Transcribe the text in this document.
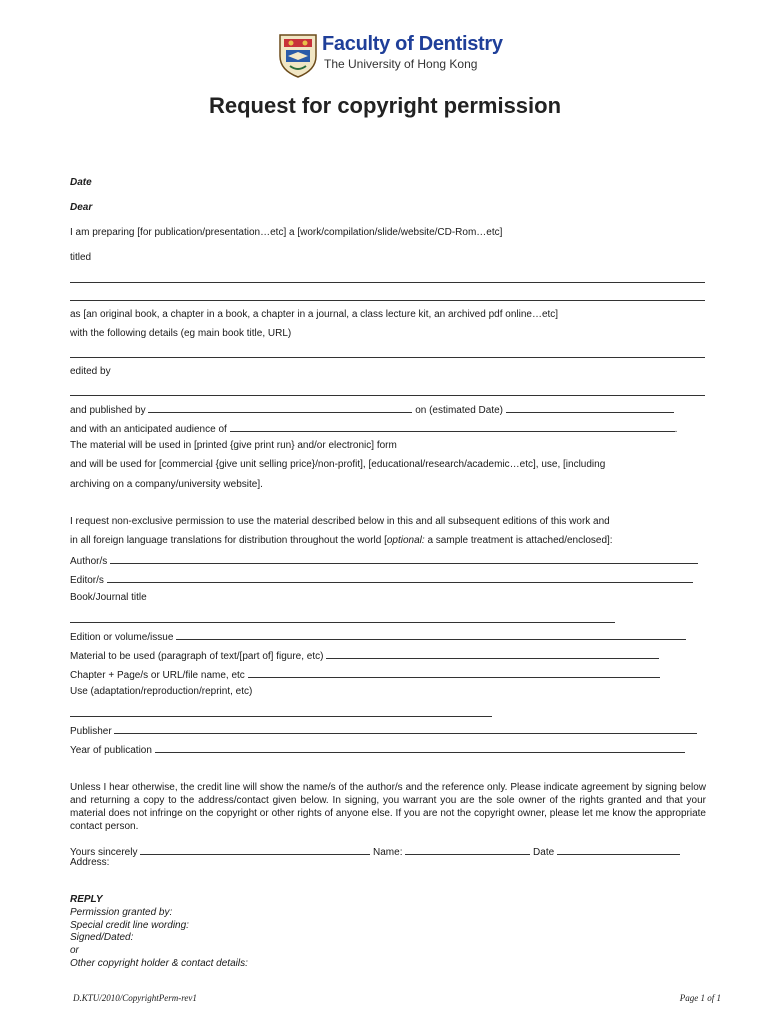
Faculty of Dentistry
The University of Hong Kong
Request for copyright permission
Date
Dear
I am preparing [for publication/presentation…etc] a [work/compilation/slide/website/CD-Rom…etc]
titled
as [an original book, a chapter in a book, a chapter in a journal, a class lecture kit, an archived pdf online…etc]
with the following details (eg main book title, URL)
edited by
and published by	on (estimated Date)
and with an anticipated audience of	.
The material will be used in [printed {give print run} and/or electronic] form
and will be used for [commercial {give unit selling price}/non-profit], [educational/research/academic…etc], use, [including
archiving on a company/university website].
I request non-exclusive permission to use the material described below in this and all subsequent editions of this work and
in all foreign language translations for distribution throughout the world [optional: a sample treatment is attached/enclosed]:
Author/s
Editor/s
Book/Journal title
Edition or volume/issue
Material to be used (paragraph of text/[part of] figure, etc)
Chapter + Page/s or URL/file name, etc
Use (adaptation/reproduction/reprint, etc)
Publisher
Year of publication
Unless I hear otherwise, the credit line will show the name/s of the author/s and the reference only. Please indicate agreement by signing below and returning a copy to the address/contact given below. In signing, you warrant you are the sole owner of the rights granted and that your material does not infringe on the copyright or other rights of anyone else. If you are not the copyright owner, please let me know the appropriate contact person.
Yours sincerely	Name:	Date
Address:
REPLY
Permission granted by:
Special credit line wording:
Signed/Dated:
or
Other copyright holder & contact details:
D.KTU/2010/CopyrightPerm-rev1	Page 1 of 1
